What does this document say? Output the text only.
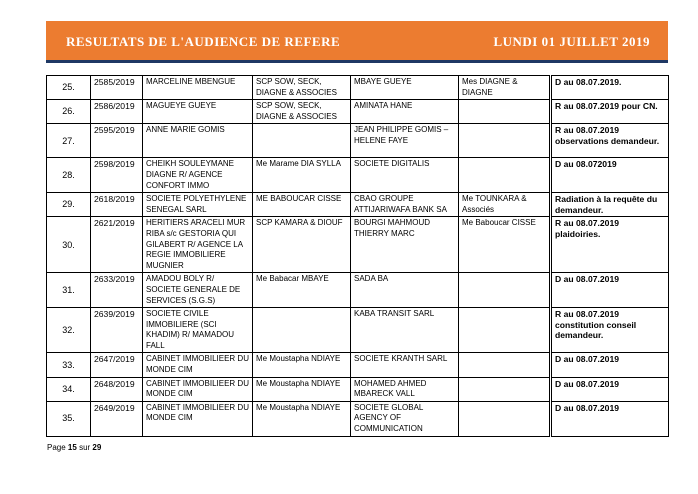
RESULTATS DE L'AUDIENCE DE REFERE	LUNDI 01 JUILLET 2019
25.	2585/2019	MARCELINE MBENGUE	SCP SOW, SECK, DIAGNE & ASSOCIES	MBAYE GUEYE	Mes DIAGNE & DIAGNE	D au 08.07.2019.
26.	2586/2019	MAGUEYE GUEYE	SCP SOW, SECK, DIAGNE & ASSOCIES	AMINATA HANE		R au 08.07.2019 pour CN.
27.	2595/2019	ANNE MARIE GOMIS		JEAN PHILIPPE GOMIS – HELENE FAYE		R au 08.07.2019 observations demandeur.
28.	2598/2019	CHEIKH SOULEYMANE DIAGNE R/ AGENCE CONFORT IMMO	Me Marame DIA SYLLA	SOCIETE DIGITALIS		D au 08.072019
29.	2618/2019	SOCIETE POLYETHYLENE SENEGAL SARL	ME BABOUCAR CISSE	CBAO GROUPE ATTIJARIWAFA BANK SA	Me TOUNKARA & Associés	Radiation à la requête du demandeur.
30.	2621/2019	HERITIERS ARACELI MUR RIBA s/c GESTORIA QUI GILABERT R/ AGENCE LA REGIE IMMOBILIERE MUGNIER	SCP KAMARA & DIOUF	BOURGI MAHMOUD THIERRY MARC	Me Baboucar CISSE	R au 08.07.2019 plaidoiries.
31.	2633/2019	AMADOU BOLY R/ SOCIETE GENERALE DE SERVICES (S.G.S)	Me Babacar MBAYE	SADA BA		D au 08.07.2019
32.	2639/2019	SOCIETE CIVILE IMMOBILIERE (SCI KHADIM) R/ MAMADOU FALL		KABA TRANSIT SARL		R au 08.07.2019 constitution conseil demandeur.
33.	2647/2019	CABINET IMMOBILIEER DU MONDE CIM	Me Moustapha NDIAYE	SOCIETE KRANTH SARL		D au 08.07.2019
34.	2648/2019	CABINET IMMOBILIEER DU MONDE CIM	Me Moustapha NDIAYE	MOHAMED AHMED MBARECK VALL		D au 08.07.2019
35.	2649/2019	CABINET IMMOBILIEER DU MONDE CIM	Me Moustapha NDIAYE	SOCIETE GLOBAL AGENCY OF COMMUNICATION		D au 08.07.2019
Page 15 sur 29
